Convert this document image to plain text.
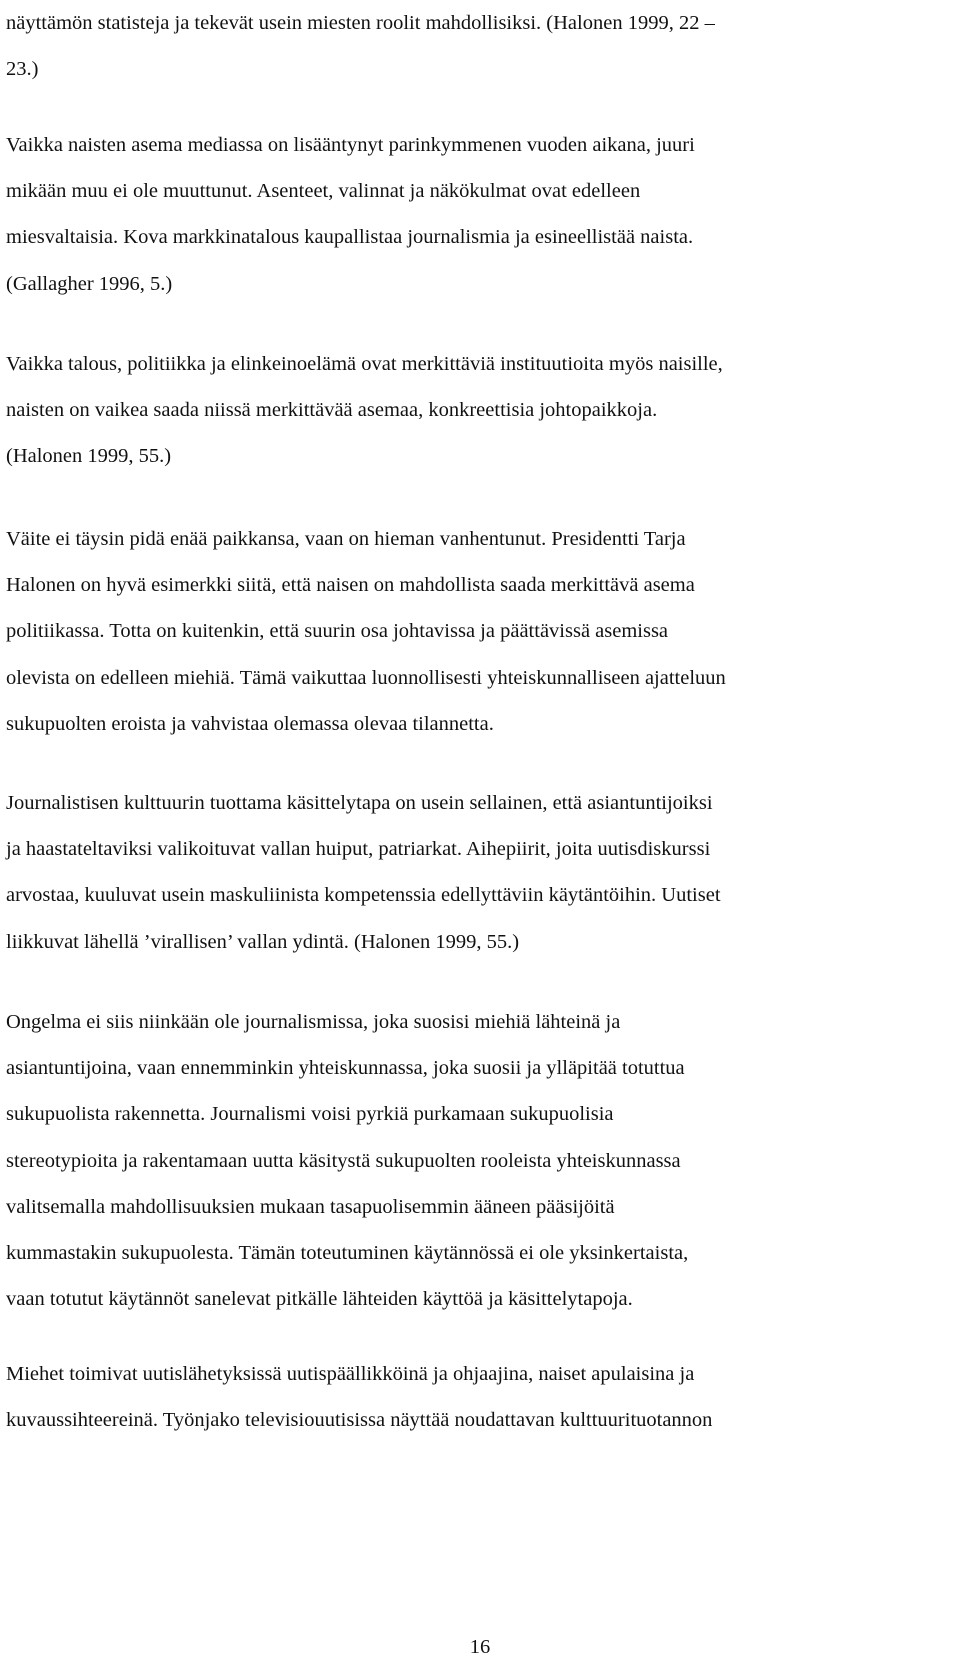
näyttämön statisteja ja tekevät usein miesten roolit mahdollisiksi. (Halonen 1999, 22 –
23.)
Vaikka naisten asema mediassa on lisääntynyt parinkymmenen vuoden aikana, juuri
mikään muu ei ole muuttunut. Asenteet, valinnat ja näkökulmat ovat edelleen
miesvaltaisia. Kova markkinatalous kaupallistaa journalismia ja esineellistää naista.
(Gallagher 1996, 5.)
Vaikka talous, politiikka ja elinkeinoelämä ovat merkittäviä instituutioita myös naisille,
naisten on vaikea saada niissä merkittävää asemaa, konkreettisia johtopaikkoja.
(Halonen 1999, 55.)
Väite ei täysin pidä enää paikkansa, vaan on hieman vanhentunut. Presidentti Tarja
Halonen on hyvä esimerkki siitä, että naisen on mahdollista saada merkittävä asema
politiikassa. Totta on kuitenkin, että suurin osa johtavissa ja päättävissä asemissa
olevista on edelleen miehiä. Tämä vaikuttaa luonnollisesti yhteiskunnalliseen ajatteluun
sukupuolten eroista ja vahvistaa olemassa olevaa tilannetta.
Journalistisen kulttuurin tuottama käsittelytapa on usein sellainen, että asiantuntijoiksi
ja haastateltaviksi valikoituvat vallan huiput, patriarkat. Aihepiirit, joita uutisdiskurssi
arvostaa, kuuluvat usein maskuliinista kompetenssia edellyttäviin käytäntöihin. Uutiset
liikkuvat lähellä ’virallisen’ vallan ydintä. (Halonen 1999, 55.)
Ongelma ei siis niinkään ole journalismissa, joka suosisi miehiä lähteinä ja
asiantuntijoina, vaan ennemminkin yhteiskunnassa, joka suosii ja ylläpitää totuttua
sukupuolista rakennetta. Journalismi voisi pyrkiä purkamaan sukupuolisia
stereotypioita ja rakentamaan uutta käsitystä sukupuolten rooleista yhteiskunnassa
valitsemalla mahdollisuuksien mukaan tasapuolisemmin ääneen pääsijöitä
kummastakin sukupuolesta. Tämän toteutuminen käytännössä ei ole yksinkertaista,
vaan totutut käytännöt sanelevat pitkälle lähteiden käyttöä ja käsittelytapoja.
Miehet toimivat uutislähetyksissä uutispäällikköinä ja ohjaajina, naiset apulaisina ja
kuvaussihteereinä. Työnjako televisiouutisissa näyttää noudattavan kulttuurituotannon
16
